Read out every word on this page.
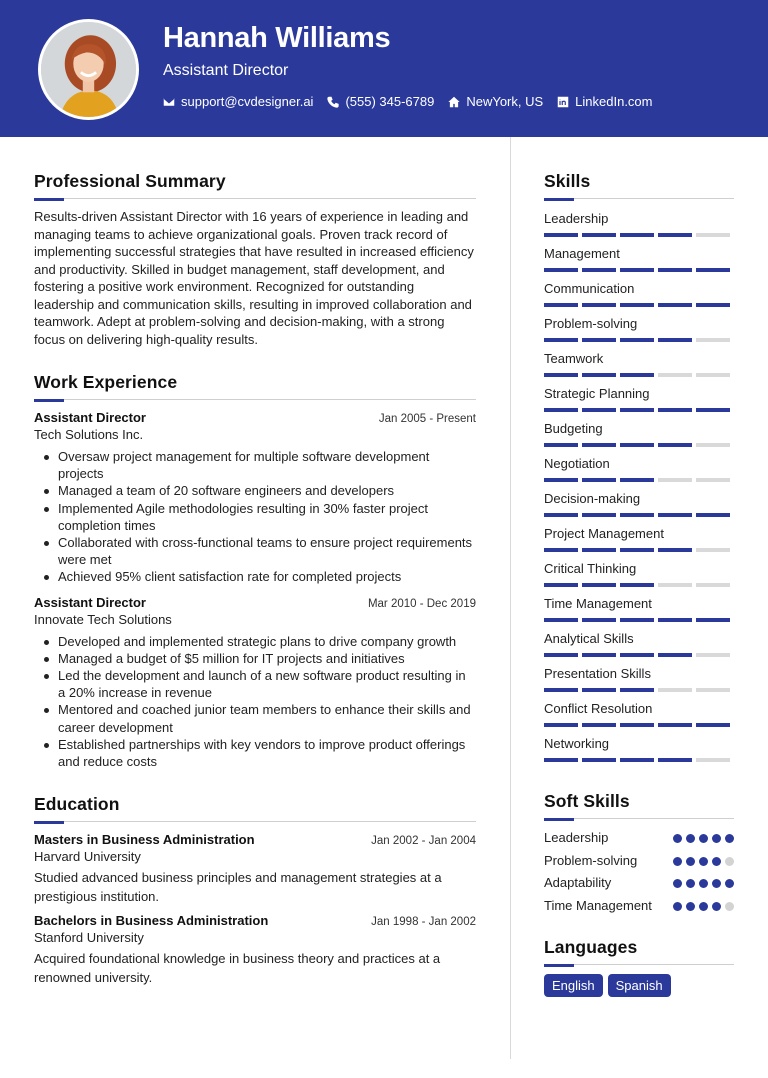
Hannah Williams
Assistant Director
support@cvdesigner.ai (555) 345-6789 NewYork, US LinkedIn.com
Professional Summary

Results-driven Assistant Director with 16 years of experience in leading and managing teams to achieve organizational goals. Proven track record of implementing successful strategies that have resulted in increased efficiency and productivity. Skilled in budget management, staff development, and fostering a positive work environment. Recognized for outstanding leadership and communication skills, resulting in improved collaboration and teamwork. Adept at problem-solving and decision-making, with a strong focus on delivering high-quality results.

Work Experience
Assistant Director	Jan 2005 - Present
Tech Solutions Inc.
Oversaw project management for multiple software development projects
Managed a team of 20 software engineers and developers
Implemented Agile methodologies resulting in 30% faster project completion times
Collaborated with cross-functional teams to ensure project requirements were met
Achieved 95% client satisfaction rate for completed projects
Assistant Director	Mar 2010 - Dec 2019
Innovate Tech Solutions
Developed and implemented strategic plans to drive company growth
Managed a budget of $5 million for IT projects and initiatives
Led the development and launch of a new software product resulting in a 20% increase in revenue
Mentored and coached junior team members to enhance their skills and career development
Established partnerships with key vendors to improve product offerings and reduce costs
Education
Masters in Business Administration	Jan 2002 - Jan 2004
Harvard University

Studied advanced business principles and management strategies at a prestigious institution.

Bachelors in Business Administration	Jan 1998 - Jan 2002
Stanford University

Acquired foundational knowledge in business theory and practices at a renowned university.

Skills
Leadership
Management
Communication
Problem-solving
Teamwork
Strategic Planning
Budgeting
Negotiation
Decision-making
Project Management
Critical Thinking
Time Management
Analytical Skills
Presentation Skills
Conflict Resolution
Networking
Soft Skills
Leadership
Problem-solving
Adaptability
Time Management
Languages
English	Spanish
